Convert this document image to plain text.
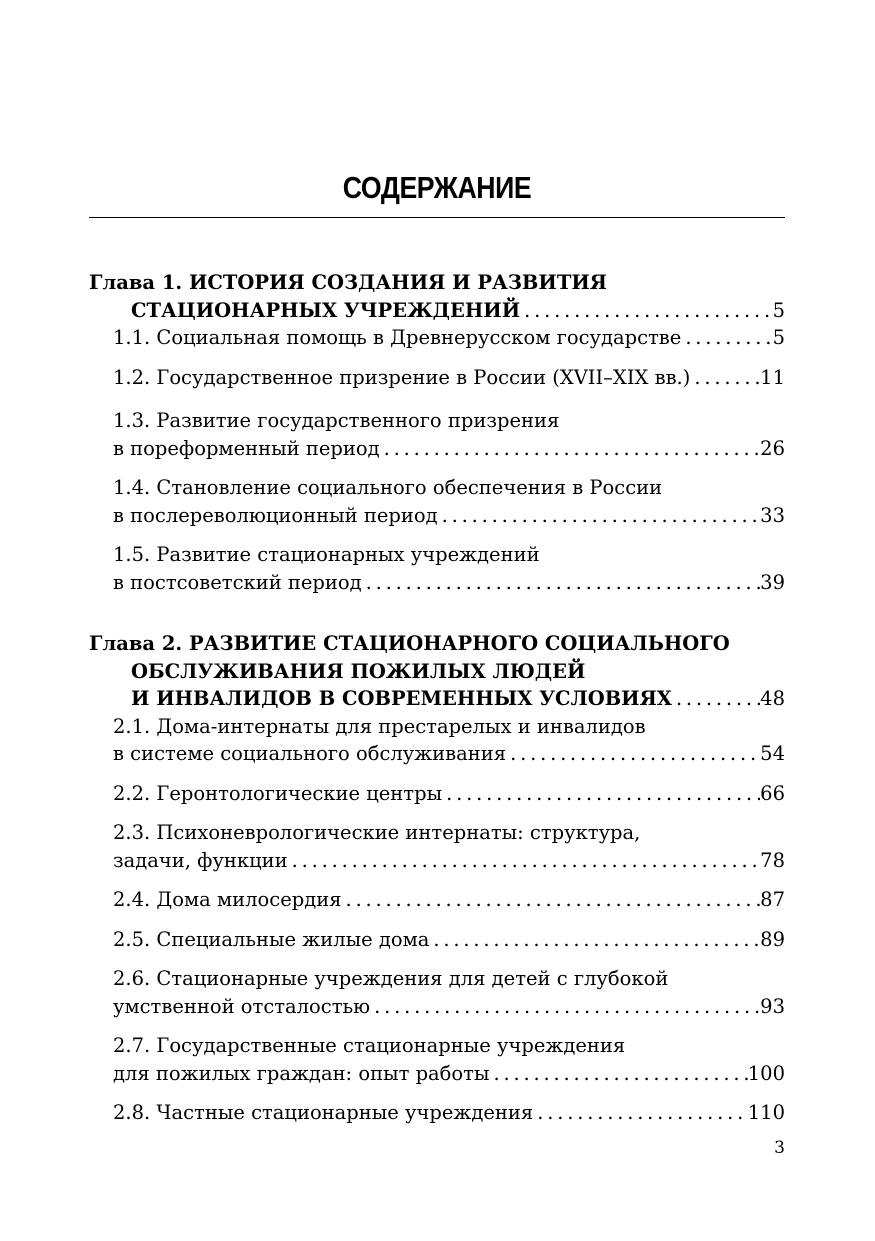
СОДЕРЖАНИЕ
Глава 1. ИСТОРИЯ СОЗДАНИЯ И РАЗВИТИЯ
СТАЦИОНАРНЫХ УЧРЕЖДЕНИЙ . . .	5
1.1. Социальная помощь в Древнерусском государстве . . .	5
1.2. Государственное призрение в России (XVII–XIX вв.) . . .	11
1.3. Развитие государственного призрения
в пореформенный период . . .	26
1.4. Становление социального обеспечения в России
в послереволюционный период . . .	33
1.5. Развитие стационарных учреждений
в постсоветский период . . .	39
Глава 2. РАЗВИТИЕ СТАЦИОНАРНОГО СОЦИАЛЬНОГО
ОБСЛУЖИВАНИЯ ПОЖИЛЫХ ЛЮДЕЙ
И ИНВАЛИДОВ В СОВРЕМЕННЫХ УСЛОВИЯХ . . .	48
2.1. Дома-интернаты для престарелых и инвалидов
в системе социального обслуживания . . .	54
2.2. Геронтологические центры . . .	66
2.3. Психоневрологические интернаты: структура,
задачи, функции . . .	78
2.4. Дома милосердия . . .	87
2.5. Специальные жилые дома . . .	89
2.6. Стационарные учреждения для детей с глубокой
умственной отсталостью . . .	93
2.7. Государственные стационарные учреждения
для пожилых граждан: опыт работы . . .	100
2.8. Частные стационарные учреждения . . .	110
3
